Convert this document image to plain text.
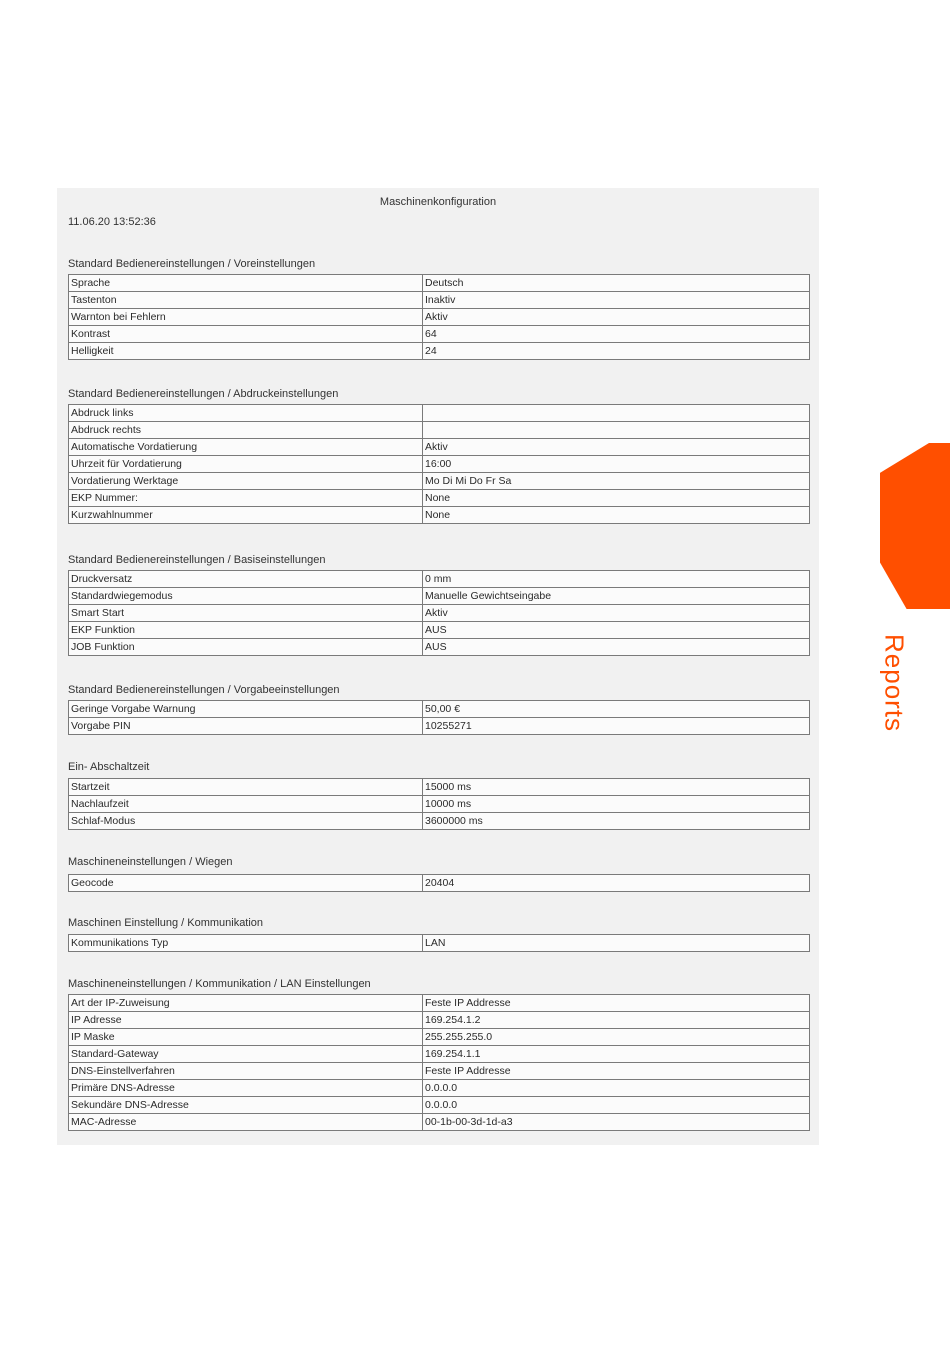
Maschinenkonfiguration
11.06.20 13:52:36
Standard Bedienereinstellungen / Voreinstellungen
Sprache	Deutsch
Tastenton	Inaktiv
Warnton bei Fehlern	Aktiv
Kontrast	64
Helligkeit	24
Standard Bedienereinstellungen / Abdruckeinstellungen
Abdruck links	
Abdruck rechts	
Automatische Vordatierung	Aktiv
Uhrzeit für Vordatierung	16:00
Vordatierung Werktage	Mo Di Mi Do Fr Sa
EKP Nummer:	None
Kurzwahlnummer	None
Standard Bedienereinstellungen / Basiseinstellungen
Druckversatz	0 mm
Standardwiegemodus	Manuelle Gewichtseingabe
Smart Start	Aktiv
EKP Funktion	AUS
JOB Funktion	AUS
Standard Bedienereinstellungen / Vorgabeeinstellungen
Geringe Vorgabe Warnung	50,00 €
Vorgabe PIN	10255271
Ein- Abschaltzeit
Startzeit	15000 ms
Nachlaufzeit	10000 ms
Schlaf-Modus	3600000 ms
Maschineneinstellungen / Wiegen
Geocode	20404
Maschinen Einstellung / Kommunikation
Kommunikations Typ	LAN
Maschineneinstellungen / Kommunikation / LAN Einstellungen
Art der IP-Zuweisung	Feste IP Addresse
IP Adresse	169.254.1.2
IP Maske	255.255.255.0
Standard-Gateway	169.254.1.1
DNS-Einstellverfahren	Feste IP Addresse
Primäre DNS-Adresse	0.0.0.0
Sekundäre DNS-Adresse	0.0.0.0
MAC-Adresse	00-1b-00-3d-1d-a3
Reports
